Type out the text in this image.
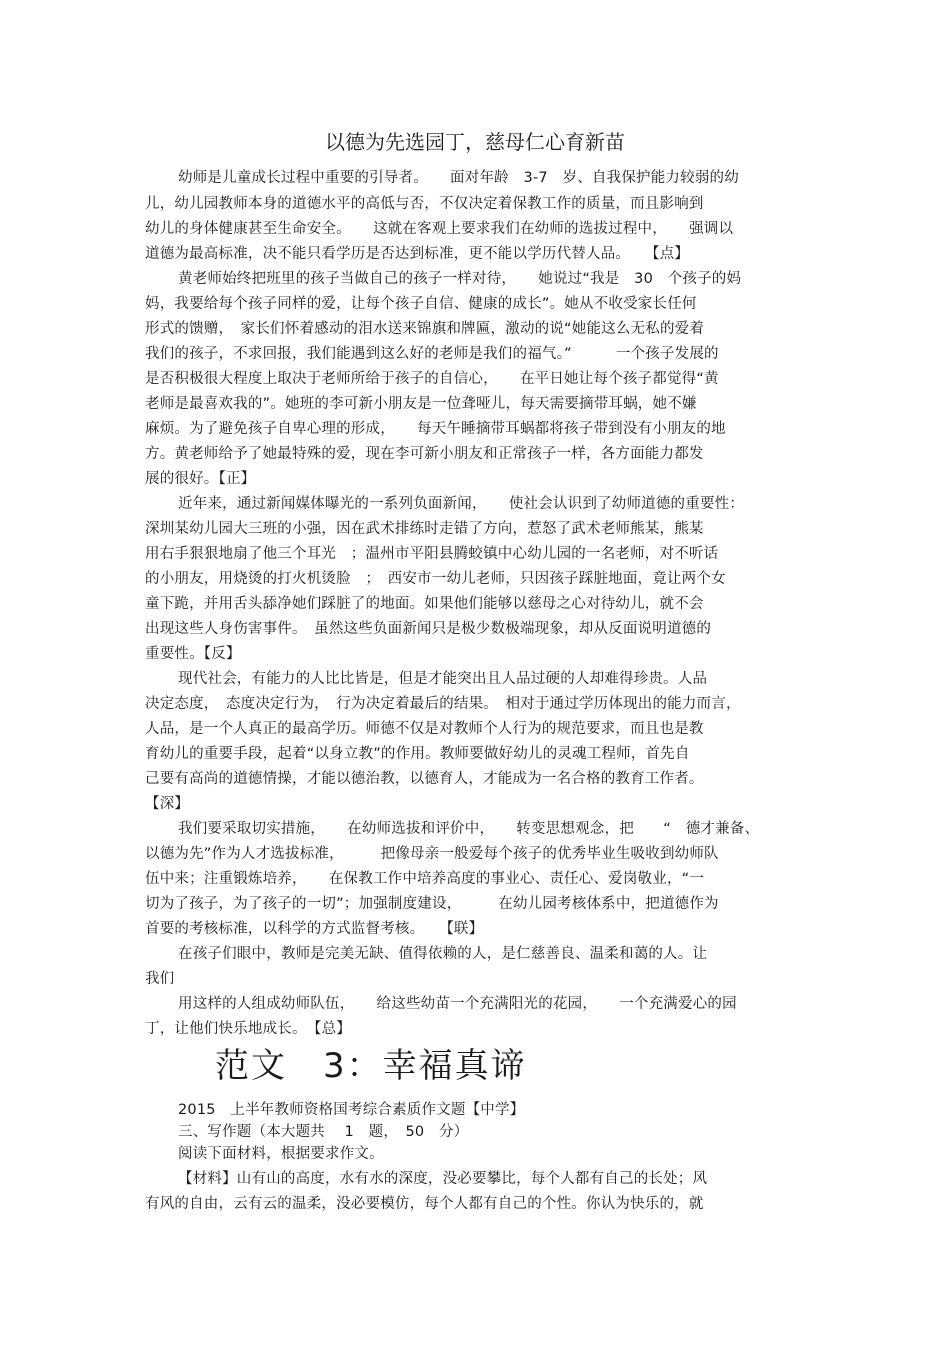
以德为先选园丁，慈母仁心育新苗
幼师是儿童成长过程中重要的引导者。　　面对年龄　3-7　岁、自我保护能力较弱的幼
儿，幼儿园教师本身的道德水平的高低与否，不仅决定着保教工作的质量，而且影响到
幼儿的身体健康甚至生命安全。　　这就在客观上要求我们在幼师的选拔过程中，　　强调以
道德为最高标准，决不能只看学历是否达到标准，更不能以学历代替人品。　　【点】
黄老师始终把班里的孩子当做自己的孩子一样对待，　　她说过“我是　30　个孩子的妈
妈，我要给每个孩子同样的爱，让每个孩子自信、健康的成长”。她从不收受家长任何
形式的馈赠，　家长们怀着感动的泪水送来锦旗和牌匾，激动的说“她能这么无私的爱着
我们的孩子，不求回报，我们能遇到这么好的老师是我们的福气。”　　　一个孩子发展的
是否积极很大程度上取决于老师所给于孩子的自信心，　　在平日她让每个孩子都觉得“黄
老师是最喜欢我的”。她班的李可新小朋友是一位聋哑儿，每天需要摘带耳蜗，她不嫌
麻烦。为了避免孩子自卑心理的形成，　　每天午睡摘带耳蜗都将孩子带到没有小朋友的地
方。黄老师给予了她最特殊的爱，现在李可新小朋友和正常孩子一样，各方面能力都发
展的很好。【正】
近年来，通过新闻媒体曝光的一系列负面新闻，　　使社会认识到了幼师道德的重要性：
深圳某幼儿园大三班的小强，因在武术排练时走错了方向，惹怒了武术老师熊某，熊某
用右手狠狠地扇了他三个耳光　；温州市平阳县腾蛟镇中心幼儿园的一名老师，对不听话
的小朋友，用烧烫的打火机烫脸　；　西安市一幼儿老师，只因孩子踩脏地面，竟让两个女
童下跪，并用舌头舔净她们踩脏了的地面。如果他们能够以慈母之心对待幼儿，就不会
出现这些人身伤害事件。　虽然这些负面新闻只是极少数极端现象，却从反面说明道德的
重要性。【反】
现代社会，有能力的人比比皆是，但是才能突出且人品过硬的人却难得珍贵。人品
决定态度，　态度决定行为，　行为决定着最后的结果。　相对于通过学历体现出的能力而言，
人品，是一个人真正的最高学历。师德不仅是对教师个人行为的规范要求，而且也是教
育幼儿的重要手段，起着“以身立教”的作用。教师要做好幼儿的灵魂工程师，首先自
己要有高尚的道德情操，才能以德治教，以德育人，才能成为一名合格的教育工作者。
【深】
我们要采取切实措施，　　在幼师选拔和评价中，　　转变思想观念，把　　“　德才兼备、
以德为先”作为人才选拔标准，　　　把像母亲一般爱每个孩子的优秀毕业生吸收到幼师队
伍中来；注重锻炼培养，　　在保教工作中培养高度的事业心、责任心、爱岗敬业，“一
切为了孩子，为了孩子的一切”；加强制度建设，　　　在幼儿园考核体系中，把道德作为
首要的考核标准，以科学的方式监督考核。　　【联】
在孩子们眼中，教师是完美无缺、值得依赖的人，是仁慈善良、温柔和蔼的人。让
我们
用这样的人组成幼师队伍，　　给这些幼苗一个充满阳光的花园，　　一个充满爱心的园
丁，让他们快乐地成长。　【总】
范文　3：幸福真谛
2015　上半年教师资格国考综合素质作文题【中学】
三、写作题（本大题共　 1　题，　50　分）
阅读下面材料，根据要求作文。
【材料】山有山的高度，水有水的深度，没必要攀比，每个人都有自己的长处；风
有风的自由，云有云的温柔，没必要模仿，每个人都有自己的个性。你认为快乐的，就
